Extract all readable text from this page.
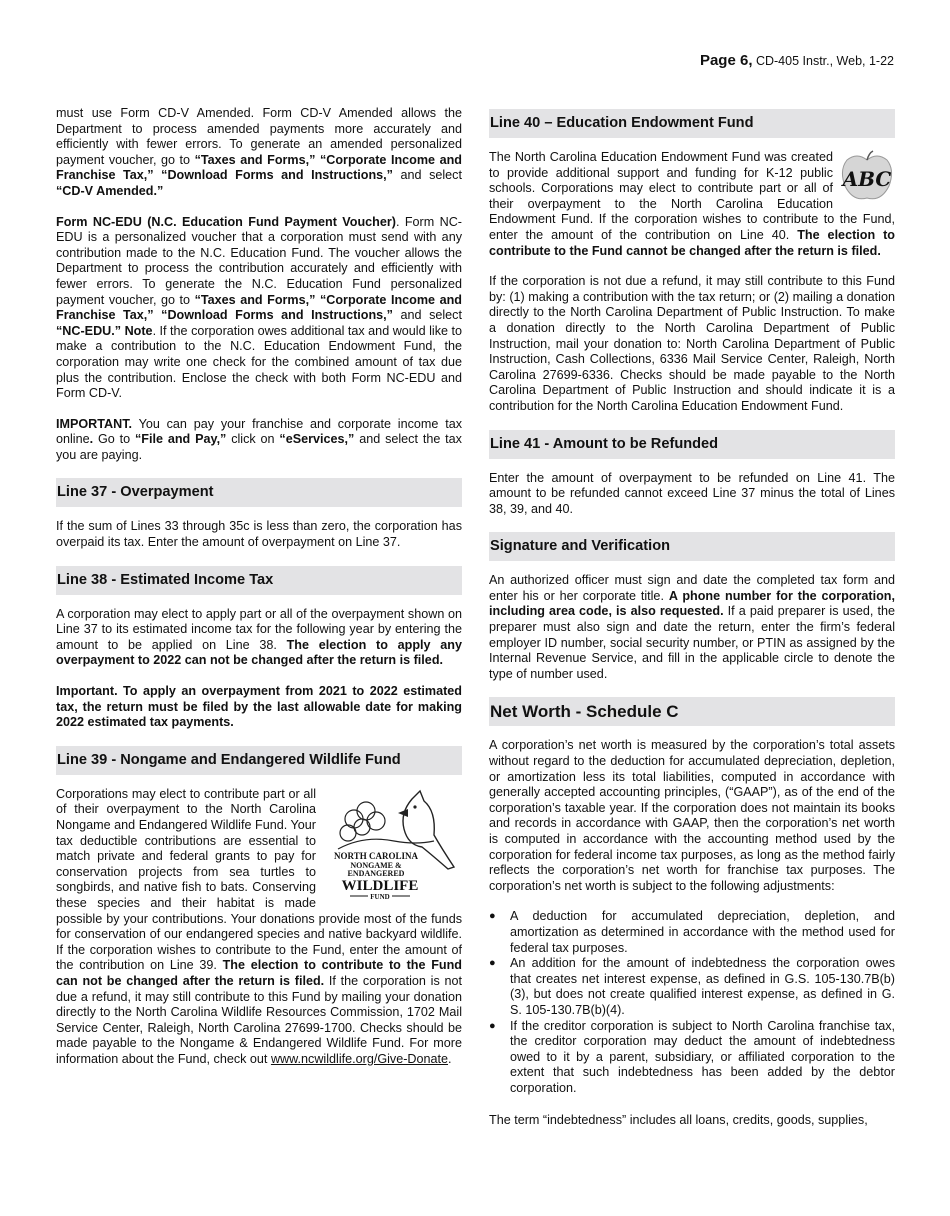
Page 6, CD-405 Instr., Web, 1-22

must use Form CD-V Amended. Form CD-V Amended allows the Department to process amended payments more accurately and efficiently with fewer errors. To generate an amended personalized payment voucher, go to “Taxes and Forms,” “Corporate Income and Franchise Tax,” “Download Forms and Instructions,” and select “CD-V Amended.”

Form NC-EDU (N.C. Education Fund Payment Voucher). Form NC-EDU is a personalized voucher that a corporation must send with any contribution made to the N.C. Education Fund. The voucher allows the Department to process the contribution accurately and efficiently with fewer errors. To generate the N.C. Education Fund personalized payment voucher, go to “Taxes and Forms,” “Corporate Income and Franchise Tax,” “Download Forms and Instructions,” and select “NC-EDU.” Note. If the corporation owes additional tax and would like to make a contribution to the N.C. Education Endowment Fund, the corporation may write one check for the combined amount of tax due plus the contribution. Enclose the check with both Form NC-EDU and Form CD-V.

IMPORTANT. You can pay your franchise and corporate income tax online. Go to “File and Pay,” click on “eServices,” and select the tax you are paying.

Line 37 - Overpayment

If the sum of Lines 33 through 35c is less than zero, the corporation has overpaid its tax. Enter the amount of overpayment on Line 37.

Line 38 - Estimated Income Tax

A corporation may elect to apply part or all of the overpayment shown on Line 37 to its estimated income tax for the following year by entering the amount to be applied on Line 38. The election to apply any overpayment to 2022 can not be changed after the return is filed.

Important. To apply an overpayment from 2021 to 2022 estimated tax, the return must be filed by the last allowable date for making 2022 estimated tax payments.

Line 39 - Nongame and Endangered Wildlife Fund

NORTH CAROLINA
NONGAME &
ENDANGERED
WILDLIFE
FUND
Corporations may elect to contribute part or all of their overpayment to the North Carolina Nongame and Endangered Wildlife Fund. Your tax deductible contributions are essential to match private and federal grants to pay for conservation projects from sea turtles to songbirds, and native fish to bats. Conserving these species and their habitat is made possible by your contributions. Your donations provide most of the funds for conservation of our endangered species and native backyard wildlife. If the corporation wishes to contribute to the Fund, enter the amount of the contribution on Line 39. The election to contribute to the Fund can not be changed after the return is filed. If the corporation is not due a refund, it may still contribute to this Fund by mailing your donation directly to the North Carolina Wildlife Resources Commission, 1702 Mail Service Center, Raleigh, North Carolina 27699-1700. Checks should be made payable to the Nongame & Endangered Wildlife Fund. For more information about the Fund, check out www.ncwildlife.org/Give-Donate.

Line 40 – Education Endowment Fund

ABC
The North Carolina Education Endowment Fund was created to provide additional support and funding for K-12 public schools. Corporations may elect to contribute part or all of their overpayment to the North Carolina Education Endowment Fund. If the corporation wishes to contribute to the Fund, enter the amount of the contribution on Line 40. The election to contribute to the Fund cannot be changed after the return is filed.

If the corporation is not due a refund, it may still contribute to this Fund by: (1) making a contribution with the tax return; or (2) mailing a donation directly to the North Carolina Department of Public Instruction. To make a donation directly to the North Carolina Department of Public Instruction, mail your donation to: North Carolina Department of Public Instruction, Cash Collections, 6336 Mail Service Center, Raleigh, North Carolina 27699-6336. Checks should be made payable to the North Carolina Department of Public Instruction and should indicate it is a contribution for the North Carolina Education Endowment Fund.

Line 41 - Amount to be Refunded

Enter the amount of overpayment to be refunded on Line 41. The amount to be refunded cannot exceed Line 37 minus the total of Lines 38, 39, and 40.

Signature and Verification

An authorized officer must sign and date the completed tax form and enter his or her corporate title. A phone number for the corporation, including area code, is also requested. If a paid preparer is used, the preparer must also sign and date the return, enter the firm’s federal employer ID number, social security number, or PTIN as assigned by the Internal Revenue Service, and fill in the applicable circle to denote the type of number used.

Net Worth - Schedule C

A corporation’s net worth is measured by the corporation’s total assets without regard to the deduction for accumulated depreciation, depletion, or amortization less its total liabilities, computed in accordance with generally accepted accounting principles, (“GAAP”), as of the end of the corporation’s taxable year. If the corporation does not maintain its books and records in accordance with GAAP, then the corporation’s net worth is computed in accordance with the accounting method used by the corporation for federal income tax purposes, as long as the method fairly reflects the corporation’s net worth for franchise tax purposes. The corporation’s net worth is subject to the following adjustments:

● A deduction for accumulated depreciation, depletion, and amortization as determined in accordance with the method used for federal tax purposes.
● An addition for the amount of indebtedness the corporation owes that creates net interest expense, as defined in G.S. 105-130.7B(b)(3), but does not create qualified interest expense, as defined in G. S. 105-130.7B(b)(4).
● If the creditor corporation is subject to North Carolina franchise tax, the creditor corporation may deduct the amount of indebtedness owed to it by a parent, subsidiary, or affiliated corporation to the extent that such indebtedness has been added by the debtor corporation.

The term “indebtedness” includes all loans, credits, goods, supplies,
